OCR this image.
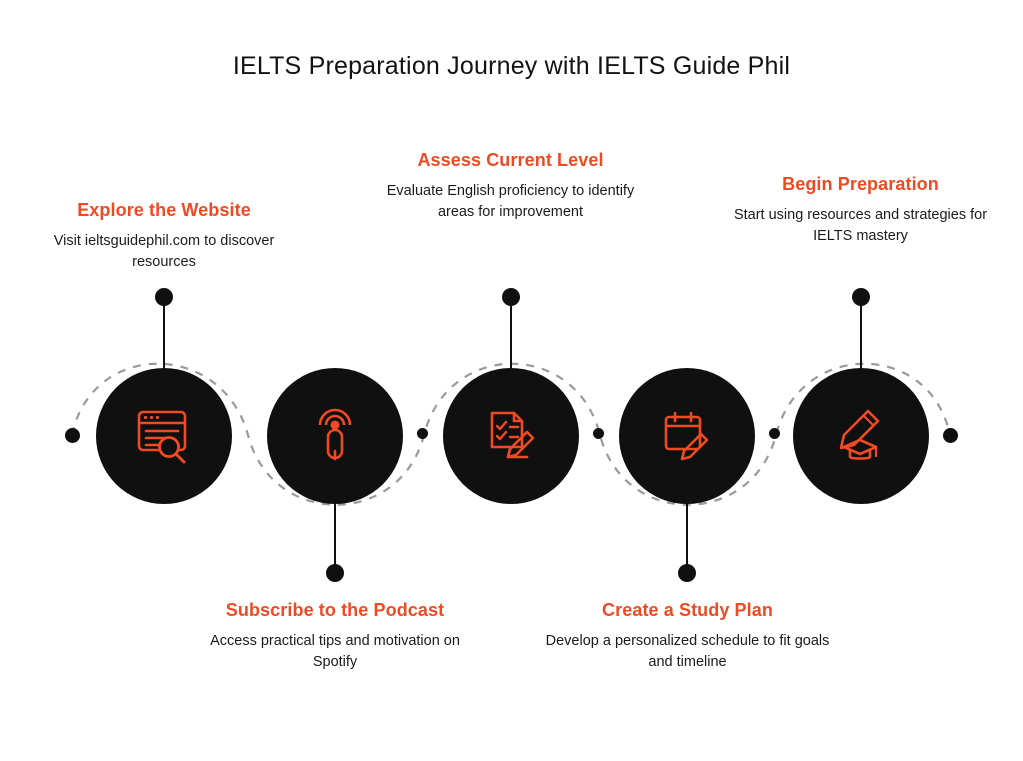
IELTS Preparation Journey with IELTS Guide Phil
Explore the Website
Visit ieltsguidephil.com to discover resources
Subscribe to the Podcast
Access practical tips and motivation on Spotify
Assess Current Level
Evaluate English proficiency to identify areas for improvement
Create a Study Plan
Develop a personalized schedule to fit goals and timeline
Begin Preparation
Start using resources and strategies for IELTS mastery
